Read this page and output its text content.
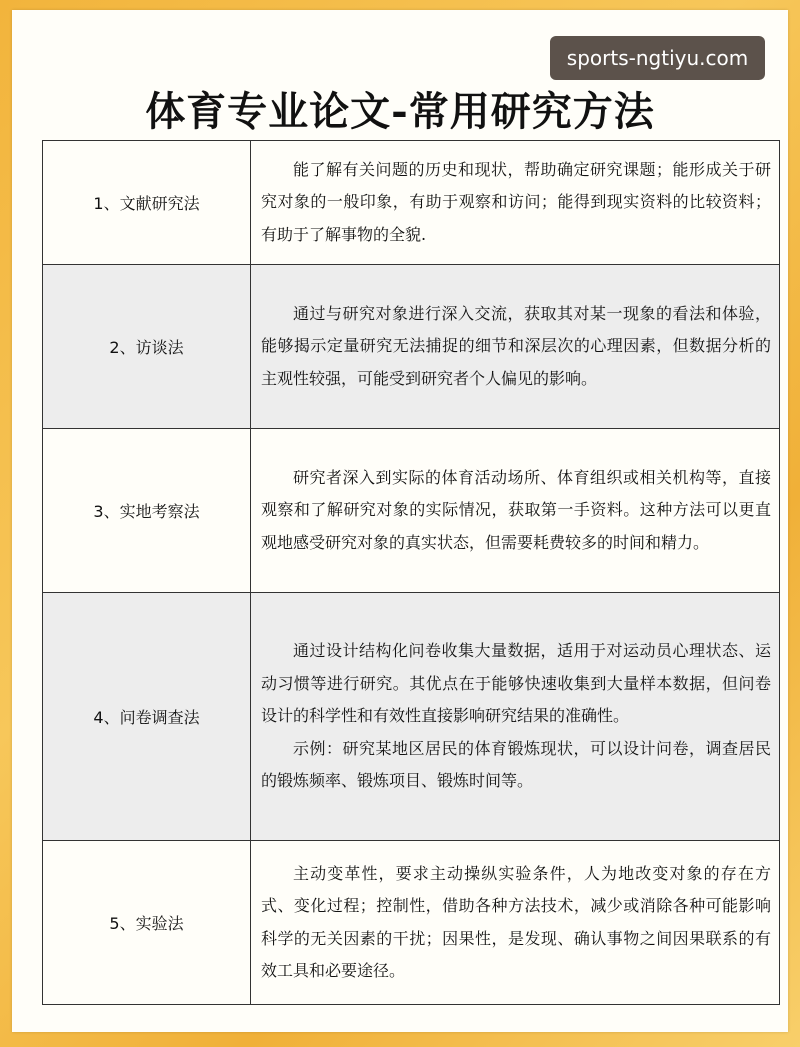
sports-ngtiyu.com
体育专业论文-常用研究方法
1、文献研究法	能了解有关问题的历史和现状，帮助确定研究课题；能形成关于研究对象的一般印象，有助于观察和访问；能得到现实资料的比较资料；有助于了解事物的全貌.

2、访谈法	通过与研究对象进行深入交流，获取其对某一现象的看法和体验，能够揭示定量研究无法捕捉的细节和深层次的心理因素，但数据分析的主观性较强，可能受到研究者个人偏见的影响。

3、实地考察法	研究者深入到实际的体育活动场所、体育组织或相关机构等，直接观察和了解研究对象的实际情况，获取第一手资料。这种方法可以更直观地感受研究对象的真实状态，但需要耗费较多的时间和精力。

4、问卷调查法	通过设计结构化问卷收集大量数据，适用于对运动员心理状态、运动习惯等进行研究。其优点在于能够快速收集到大量样本数据，但问卷设计的科学性和有效性直接影响研究结果的准确性。

示例：研究某地区居民的体育锻炼现状，可以设计问卷，调查居民的锻炼频率、锻炼项目、锻炼时间等。

5、实验法	主动变革性，要求主动操纵实验条件，人为地改变对象的存在方式、变化过程；控制性，借助各种方法技术，减少或消除各种可能影响科学的无关因素的干扰；因果性，是发现、确认事物之间因果联系的有效工具和必要途径。
